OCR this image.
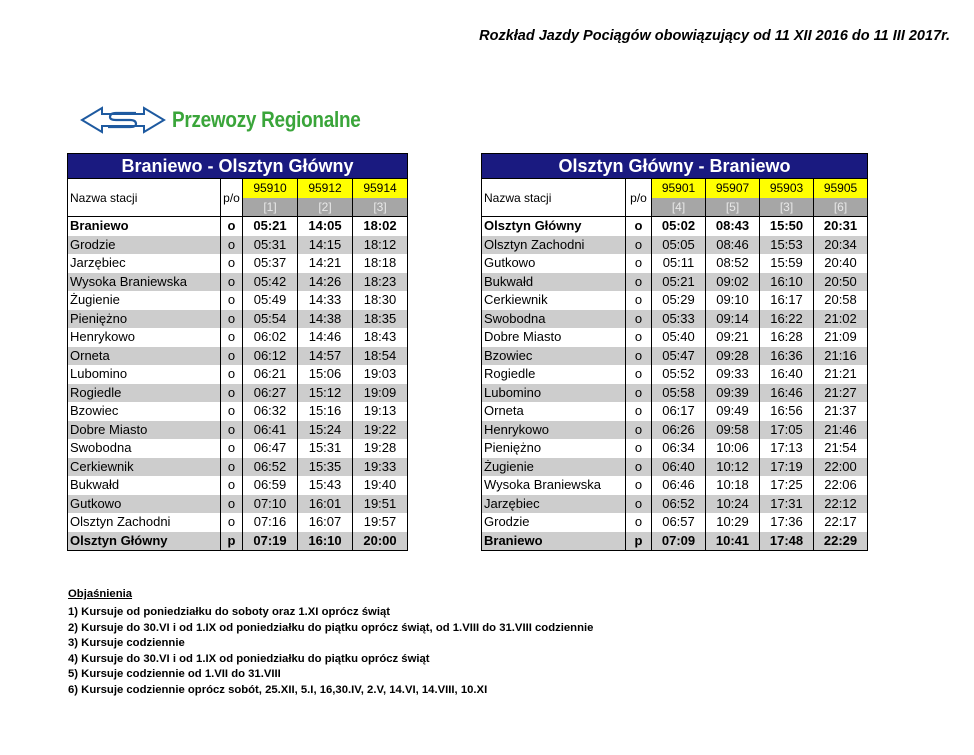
Rozkład Jazdy Pociągów obowiązujący od 11 XII 2016 do 11 III 2017r.
Przewozy Regionalne
Braniewo - Olsztyn Główny				
Nazwa stacji	p/o	95910	95912	95914
		[1]	[2]	[3]
Braniewo	o	05:21	14:05	18:02
Grodzie	o	05:31	14:15	18:12
Jarzębiec	o	05:37	14:21	18:18
Wysoka Braniewska	o	05:42	14:26	18:23
Żugienie	o	05:49	14:33	18:30
Pieniężno	o	05:54	14:38	18:35
Henrykowo	o	06:02	14:46	18:43
Orneta	o	06:12	14:57	18:54
Lubomino	o	06:21	15:06	19:03
Rogiedle	o	06:27	15:12	19:09
Bzowiec	o	06:32	15:16	19:13
Dobre Miasto	o	06:41	15:24	19:22
Swobodna	o	06:47	15:31	19:28
Cerkiewnik	o	06:52	15:35	19:33
Bukwałd	o	06:59	15:43	19:40
Gutkowo	o	07:10	16:01	19:51
Olsztyn Zachodni	o	07:16	16:07	19:57
Olsztyn Główny	p	07:19	16:10	20:00
Olsztyn Główny - Braniewo					
Nazwa stacji	p/o	95901	95907	95903	95905
		[4]	[5]	[3]	[6]
Olsztyn Główny	o	05:02	08:43	15:50	20:31
Olsztyn Zachodni	o	05:05	08:46	15:53	20:34
Gutkowo	o	05:11	08:52	15:59	20:40
Bukwałd	o	05:21	09:02	16:10	20:50
Cerkiewnik	o	05:29	09:10	16:17	20:58
Swobodna	o	05:33	09:14	16:22	21:02
Dobre Miasto	o	05:40	09:21	16:28	21:09
Bzowiec	o	05:47	09:28	16:36	21:16
Rogiedle	o	05:52	09:33	16:40	21:21
Lubomino	o	05:58	09:39	16:46	21:27
Orneta	o	06:17	09:49	16:56	21:37
Henrykowo	o	06:26	09:58	17:05	21:46
Pieniężno	o	06:34	10:06	17:13	21:54
Żugienie	o	06:40	10:12	17:19	22:00
Wysoka Braniewska	o	06:46	10:18	17:25	22:06
Jarzębiec	o	06:52	10:24	17:31	22:12
Grodzie	o	06:57	10:29	17:36	22:17
Braniewo	p	07:09	10:41	17:48	22:29
Objaśnienia
1) Kursuje od poniedziałku do soboty oraz 1.XI oprócz świąt
2) Kursuje do 30.VI i od 1.IX od poniedziałku do piątku oprócz świąt, od 1.VIII do 31.VIII codziennie
3) Kursuje codziennie
4) Kursuje do 30.VI i od 1.IX od poniedziałku do piątku oprócz świąt
5) Kursuje codziennie od 1.VII do 31.VIII
6) Kursuje codziennie oprócz sobót, 25.XII, 5.I, 16,30.IV, 2.V, 14.VI, 14.VIII, 10.XI
